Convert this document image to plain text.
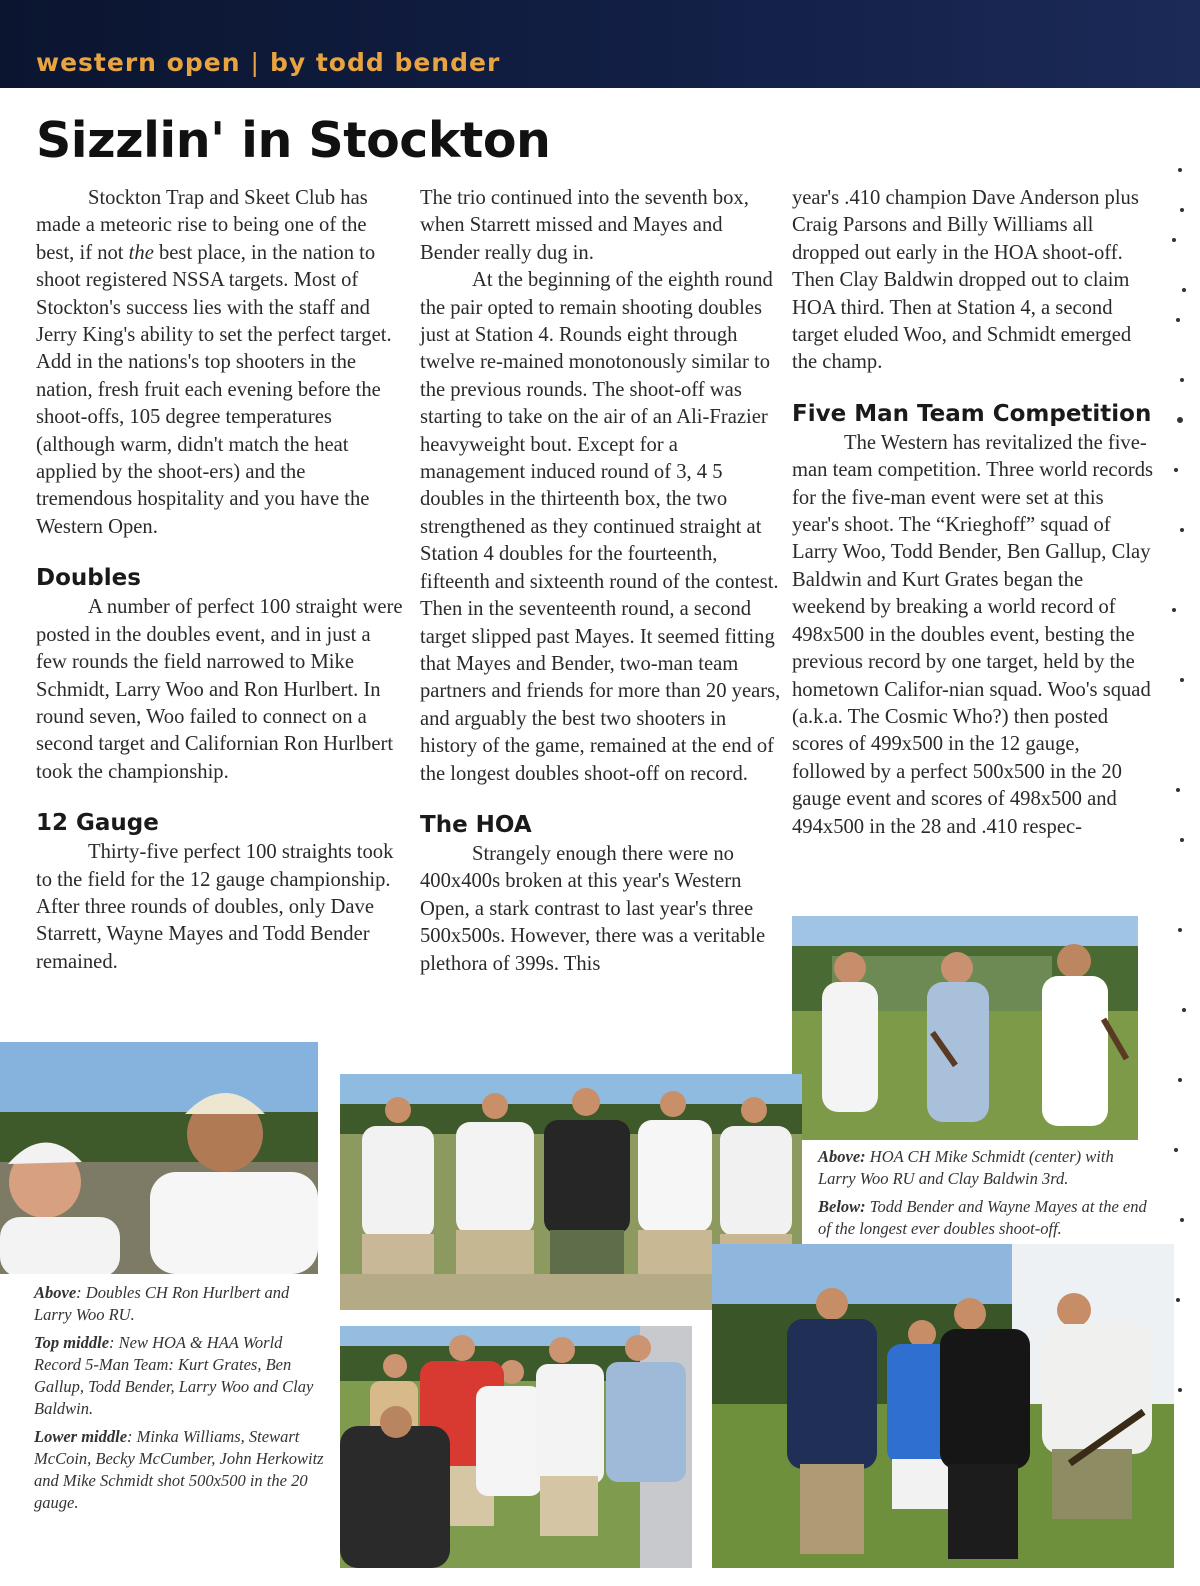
western open | by todd bender
Sizzlin' in Stockton

Stockton Trap and Skeet Club has made a meteoric rise to being one of the best, if not the best place, in the nation to shoot registered NSSA targets. Most of Stockton's success lies with the staff and Jerry King's ability to set the perfect target. Add in the nations's top shooters in the nation, fresh fruit each evening before the shoot-offs, 105 degree temperatures (although warm, didn't match the heat applied by the shoot-ers) and the tremendous hospitality and you have the Western Open.

Doubles

A number of perfect 100 straight were posted in the doubles event, and in just a few rounds the field narrowed to Mike Schmidt, Larry Woo and Ron Hurlbert. In round seven, Woo failed to connect on a second target and Californian Ron Hurlbert took the championship.

12 Gauge

Thirty-five perfect 100 straights took to the field for the 12 gauge championship. After three rounds of doubles, only Dave Starrett, Wayne Mayes and Todd Bender remained.

The trio continued into the seventh box, when Starrett missed and Mayes and Bender really dug in.

At the beginning of the eighth round the pair opted to remain shooting doubles just at Station 4. Rounds eight through twelve re-mained monotonously similar to the previous rounds. The shoot-off was starting to take on the air of an Ali-Frazier heavyweight bout. Except for a management induced round of 3, 4 5 doubles in the thirteenth box, the two strengthened as they continued straight at Station 4 doubles for the fourteenth, fifteenth and sixteenth round of the contest. Then in the seventeenth round, a second target slipped past Mayes. It seemed fitting that Mayes and Bender, two-man team partners and friends for more than 20 years, and arguably the best two shooters in history of the game, remained at the end of the longest doubles shoot-off on record.

The HOA

Strangely enough there were no 400x400s broken at this year's Western Open, a stark contrast to last year's three 500x500s. However, there was a veritable plethora of 399s. This

year's .410 champion Dave Anderson plus Craig Parsons and Billy Williams all dropped out early in the HOA shoot-off. Then Clay Baldwin dropped out to claim HOA third. Then at Station 4, a second target eluded Woo, and Schmidt emerged the champ.

Five Man Team Competition

The Western has revitalized the five-man team competition. Three world records for the five-man event were set at this year's shoot. The “Krieghoff” squad of Larry Woo, Todd Bender, Ben Gallup, Clay Baldwin and Kurt Grates began the weekend by breaking a world record of 498x500 in the doubles event, besting the previous record by one target, held by the hometown Califor-nian squad. Woo's squad (a.k.a. The Cosmic Who?) then posted scores of 499x500 in the 12 gauge, followed by a perfect 500x500 in the 20 gauge event and scores of 498x500 and 494x500 in the 28 and .410 respec-

Above: HOA CH Mike Schmidt (center) with Larry Woo RU and Clay Baldwin 3rd.

Below: Todd Bender and Wayne Mayes at the end of the longest ever doubles shoot-off.

Above: Doubles CH Ron Hurlbert and Larry Woo RU.

Top middle: New HOA & HAA World Record 5-Man Team: Kurt Grates, Ben Gallup, Todd Bender, Larry Woo and Clay Baldwin.

Lower middle: Minka Williams, Stewart McCoin, Becky McCumber, John Herkowitz and Mike Schmidt shot 500x500 in the 20 gauge.
